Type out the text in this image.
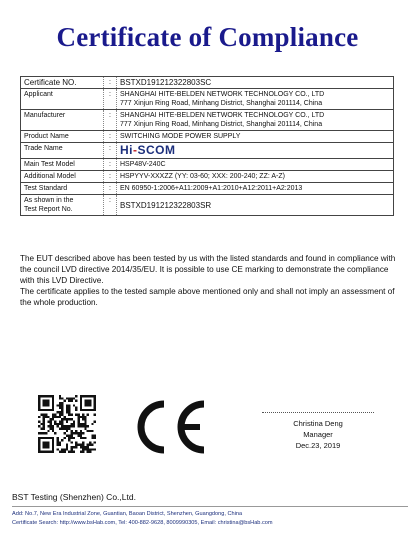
Certificate of Compliance
Certificate NO.	:	BSTXD191212322803SC
Applicant	:	SHANGHAI HITE-BELDEN NETWORK TECHNOLOGY CO., LTD
777 Xinjun Ring Road, Minhang District, Shanghai 201114, China

Manufacturer	:	SHANGHAI HITE-BELDEN NETWORK TECHNOLOGY CO., LTD
777 Xinjun Ring Road, Minhang District, Shanghai 201114, China

Product Name	:	SWITCHING MODE POWER SUPPLY
Trade Name	:	Hi-SCOM
Main Test Model	:	HSP48V-240C
Additional Model	:	HSPYYV-XXXZZ (YY: 03-60; XXX: 200-240; ZZ: A-Z)
Test Standard	:	EN 60950-1:2006+A11:2009+A1:2010+A12:2011+A2:2013

As shown in the
Test Report No.	:	BSTXD191212322803SR

The EUT described above has been tested by us with the listed standards and found in compliance with the council LVD directive 2014/35/EU. It is possible to use CE marking to demonstrate the compliance with this LVD Directive.

The certificate applies to the tested sample above mentioned only and shall not imply an assessment of the whole production.

Christina Deng
Manager
Dec.23, 2019
BST Testing (Shenzhen) Co.,Ltd.
Add: No.7, New Era Industrial Zone, Guantian, Baoan District, Shenzhen, Guangdong, China
Certificate Search: http://www.bsHab.com, Tel: 400-882-9628, 8009990305, Email: christina@bsHab.com
